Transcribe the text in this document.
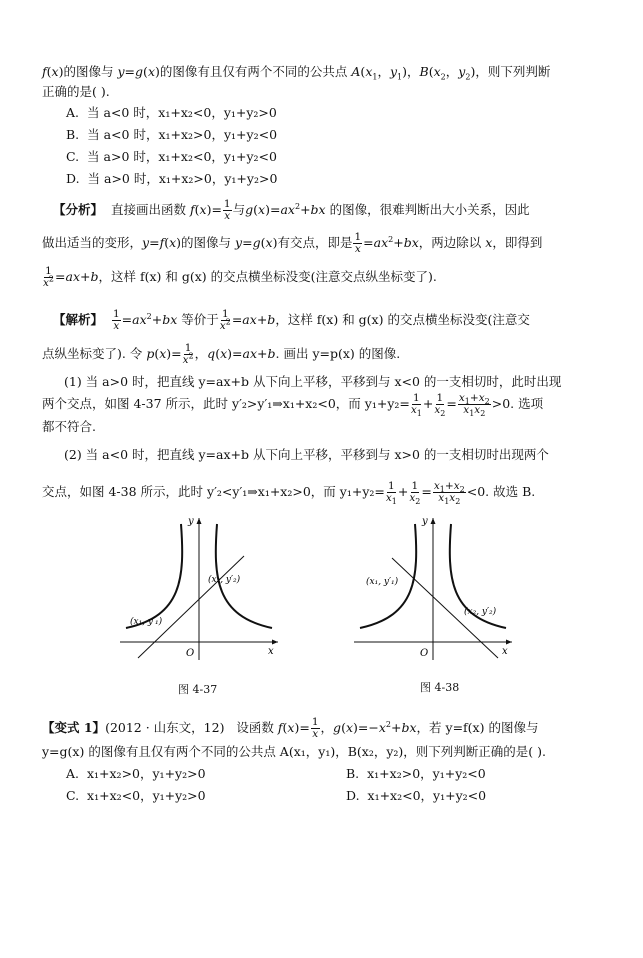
f(x)的图像与 y=g(x)的图像有且仅有两个不同的公共点 $A(x_1$，$y_1$)，$B(x_2$，$y_2$)，则下列判断
正确的是( ).
A. 当 a<0 时，x₁+x₂<0，y₁+y₂>0
B. 当 a<0 时，x₁+x₂>0，y₁+y₂<0
C. 当 a>0 时，x₁+x₂<0，y₁+y₂<0
D. 当 a>0 时，x₁+x₂>0，y₁+y₂>0
【分析】 直接画出函数 $f(x)= \frac{1}{x}$ 与$g(x)=ax^2+bx$ 的图像，很难判断出大小关系，因此
做出适当的变形，y=f(x)的图像与 y=g(x)有交点，即是 $\frac{1}{x} =ax^2+bx$，两边除以 x，即得到
$\frac{1}{x^2} =ax+b$，这样 f(x) 和 g(x) 的交点横坐标没变(注意交点纵坐标变了).
【解析】 $\frac{1}{x} =ax^2+bx$ 等价于 $\frac{1}{x^2} =ax+b$，这样 f(x) 和 g(x) 的交点横坐标没变(注意交
点纵坐标变了). 令 $p(x)= \frac{1}{x^2}$ ，q(x)=ax+b. 画出 y=p(x) 的图像.
(1) 当 a>0 时，把直线 y=ax+b 从下向上平移，平移到与 x<0 的一支相切时，此时出现
两个交点，如图 4-37 所示，此时 y′₂>y′₁⇒x₁+x₂<0，而 $y_1+y_2= \frac{1}{x_1} + \frac{1}{x_2} = \frac{x_1+x_2}{x_1x_2} >0$. 选项
都不符合.
(2) 当 a<0 时，把直线 y=ax+b 从下向上平移，平移到与 x>0 的一支相切时出现两个
交点，如图 4-38 所示，此时 y′₂<y′₁⇒x₁+x₂>0，而 $y_1+y_2= \frac{1}{x_1} + \frac{1}{x_2} = \frac{x_1+x_2}{x_1x_2} <0$. 故选 B.
O
y
x
(x₁, y′₁)
(x₂, y′₂)
图 4-37
O
y
x
(x₁, y′₁)
(x₂, y′₂)
图 4-38
【变式 1】(2012 · 山东文，12) 设函数 $f(x)= \frac{1}{x}$ ，$g(x)=-x^2+bx$，若 y=f(x) 的图像与
y=g(x) 的图像有且仅有两个不同的公共点 A(x₁，y₁)，B(x₂，y₂)，则下列判断正确的是( ).
A. x₁+x₂>0，y₁+y₂>0	B. x₁+x₂>0，y₁+y₂<0
C. x₁+x₂<0，y₁+y₂>0	D. x₁+x₂<0，y₁+y₂<0
